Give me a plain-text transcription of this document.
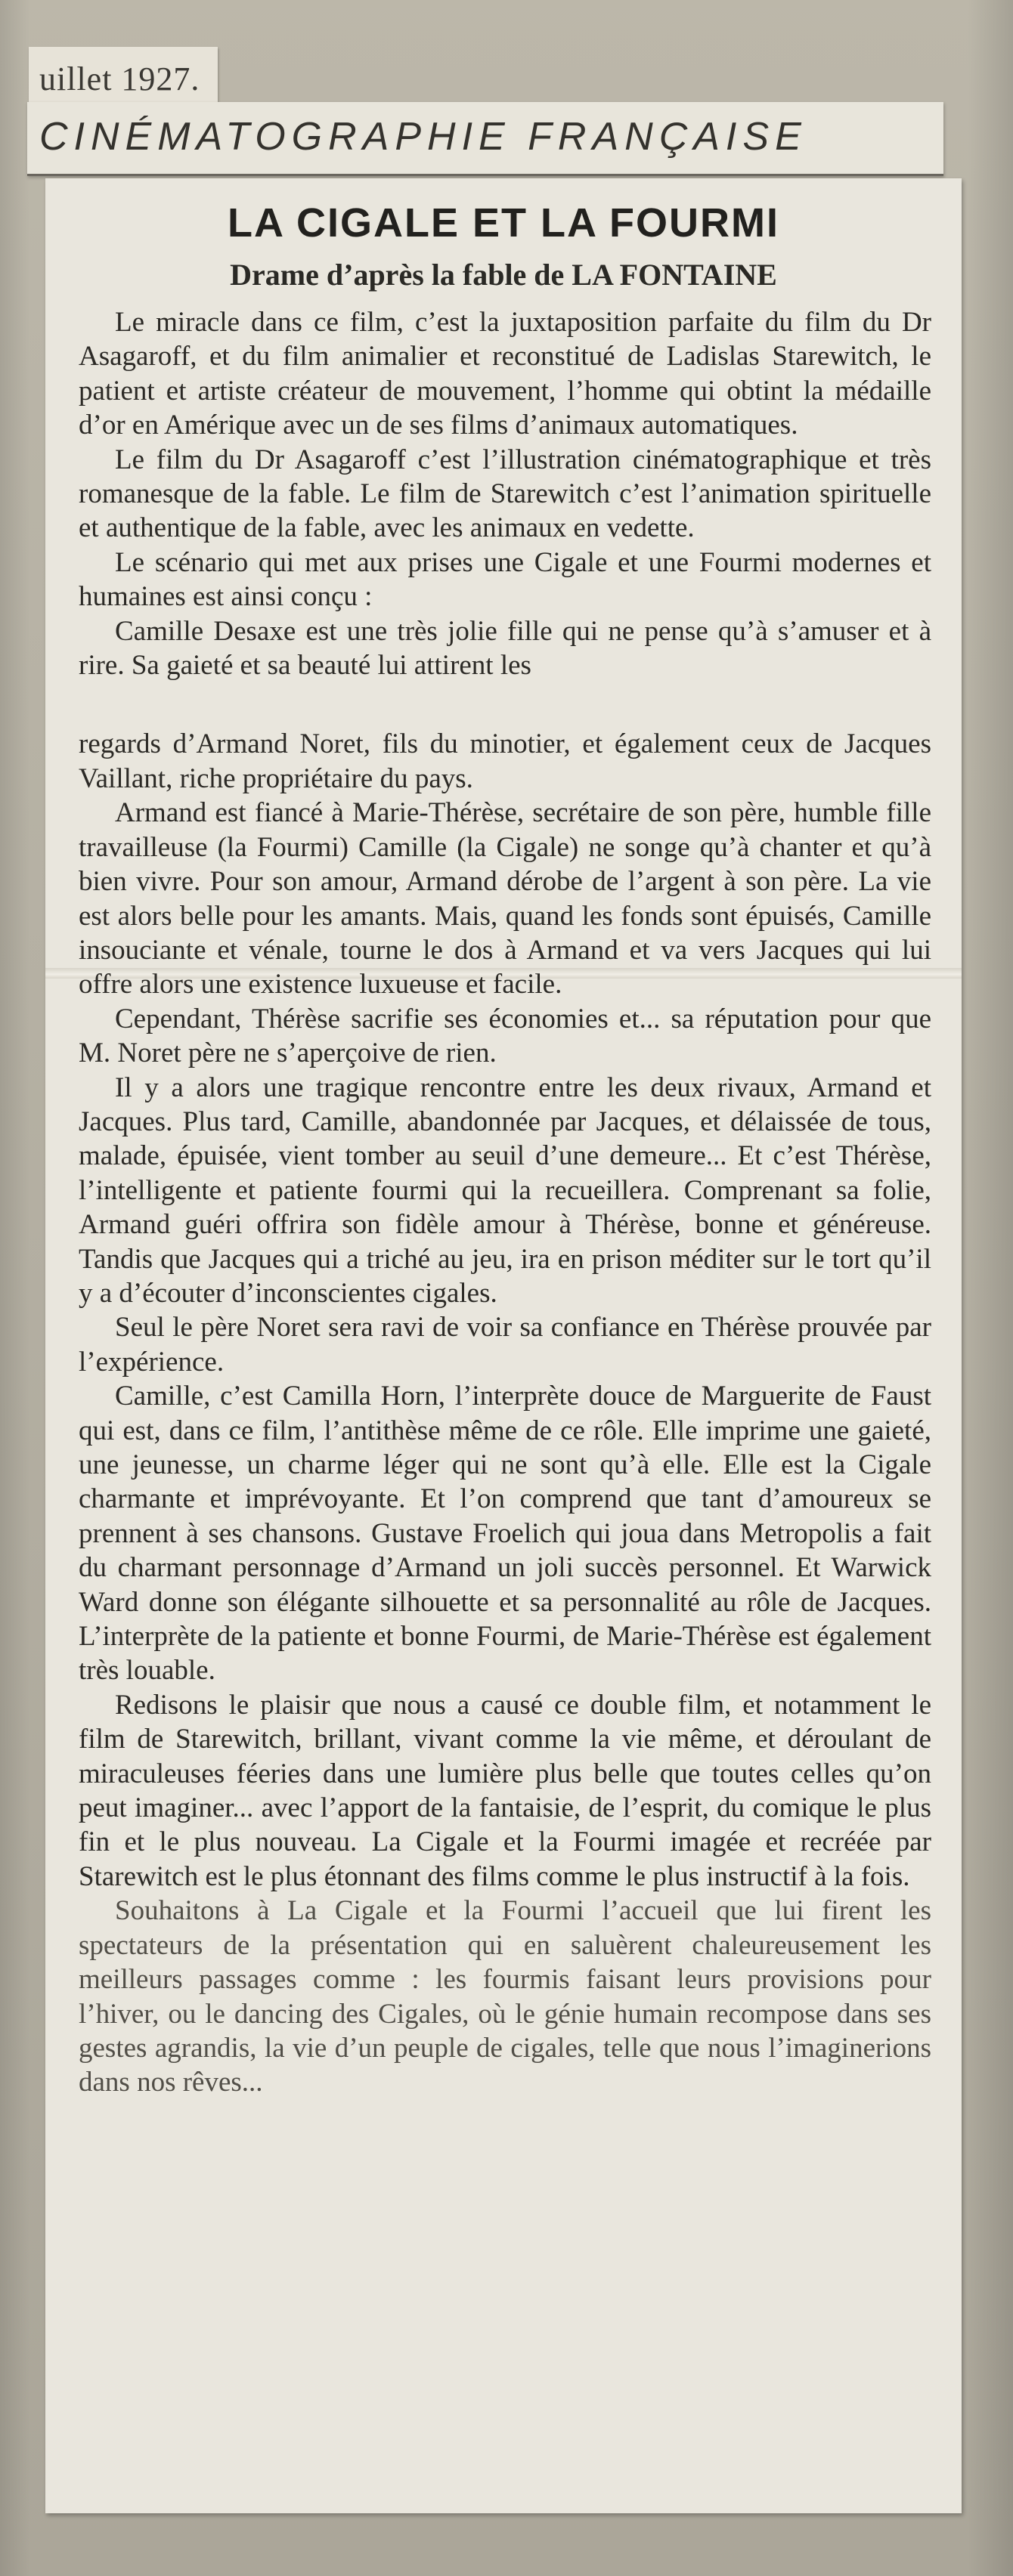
uillet 1927.
CINÉMATOGRAPHIE FRANÇAISE
LA CIGALE ET LA FOURMI
Drame d’après la fable de LA FONTAINE

Le miracle dans ce film, c’est la juxtaposition parfaite du film du Dr Asagaroff, et du film animalier et reconstitué de Ladislas Starewitch, le patient et artiste créateur de mouvement, l’homme qui obtint la médaille d’or en Amérique avec un de ses films d’animaux automatiques.

Le film du Dr Asagaroff c’est l’illustration cinématographique et très romanesque de la fable. Le film de Starewitch c’est l’animation spirituelle et authentique de la fable, avec les animaux en vedette.

Le scénario qui met aux prises une Cigale et une Fourmi modernes et humaines est ainsi conçu :

Camille Desaxe est une très jolie fille qui ne pense qu’à s’amuser et à rire. Sa gaieté et sa beauté lui attirent les

regards d’Armand Noret, fils du minotier, et également ceux de Jacques Vaillant, riche propriétaire du pays.

Armand est fiancé à Marie-Thérèse, secrétaire de son père, humble fille travailleuse (la Fourmi) Camille (la Cigale) ne songe qu’à chanter et qu’à bien vivre. Pour son amour, Armand dérobe de l’argent à son père. La vie est alors belle pour les amants. Mais, quand les fonds sont épuisés, Camille insouciante et vénale, tourne le dos à Armand et va vers Jacques qui lui offre alors une existence luxueuse et facile.

Cependant, Thérèse sacrifie ses économies et... sa réputation pour que M. Noret père ne s’aperçoive de rien.

Il y a alors une tragique rencontre entre les deux rivaux, Armand et Jacques. Plus tard, Camille, abandonnée par Jacques, et délaissée de tous, malade, épuisée, vient tomber au seuil d’une demeure... Et c’est Thérèse, l’intelligente et patiente fourmi qui la recueillera. Comprenant sa folie, Armand guéri offrira son fidèle amour à Thérèse, bonne et généreuse. Tandis que Jacques qui a triché au jeu, ira en prison méditer sur le tort qu’il y a d’écouter d’inconscientes cigales.

Seul le père Noret sera ravi de voir sa confiance en Thérèse prouvée par l’expérience.

Camille, c’est Camilla Horn, l’interprète douce de Marguerite de Faust qui est, dans ce film, l’antithèse même de ce rôle. Elle imprime une gaieté, une jeunesse, un charme léger qui ne sont qu’à elle. Elle est la Cigale charmante et imprévoyante. Et l’on comprend que tant d’amoureux se prennent à ses chansons. Gustave Froelich qui joua dans Metropolis a fait du charmant personnage d’Armand un joli succès personnel. Et Warwick Ward donne son élégante silhouette et sa personnalité au rôle de Jacques. L’interprète de la patiente et bonne Fourmi, de Marie-Thérèse est également très louable.

Redisons le plaisir que nous a causé ce double film, et notamment le film de Starewitch, brillant, vivant comme la vie même, et déroulant de miraculeuses féeries dans une lumière plus belle que toutes celles qu’on peut imaginer... avec l’apport de la fantaisie, de l’esprit, du comique le plus fin et le plus nouveau. La Cigale et la Fourmi imagée et recréée par Starewitch est le plus étonnant des films comme le plus instructif à la fois.

Souhaitons à La Cigale et la Fourmi l’accueil que lui firent les spectateurs de la présentation qui en saluèrent chaleureusement les meilleurs passages comme : les fourmis faisant leurs provisions pour l’hiver, ou le dancing des Cigales, où le génie humain recompose dans ses gestes agrandis, la vie d’un peuple de cigales, telle que nous l’imaginerions dans nos rêves...
